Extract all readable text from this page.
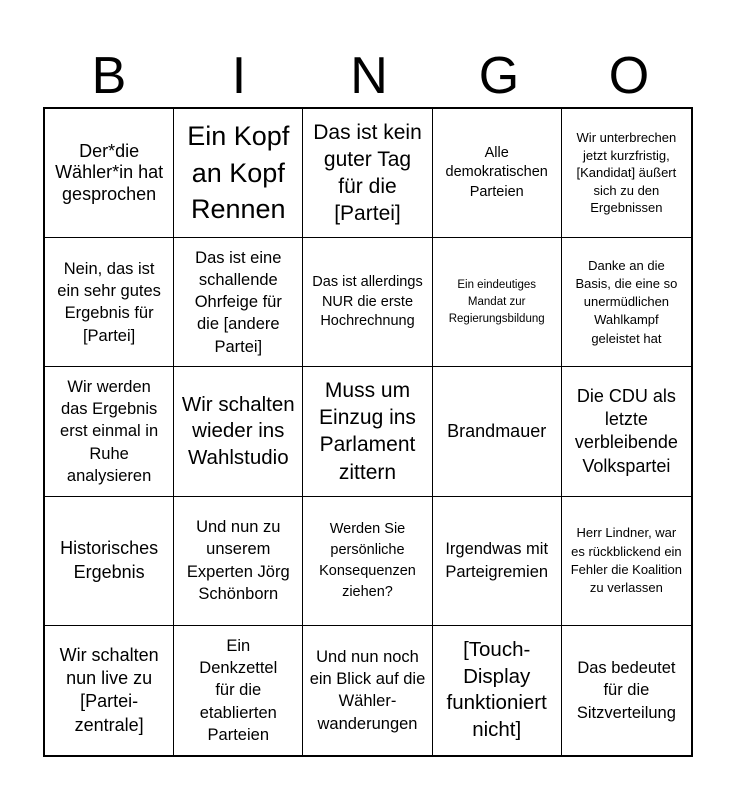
B	I	N	G	O
Der*die Wähler*in hat gesprochen
Ein Kopf an Kopf Rennen
Das ist kein guter Tag für die [Partei]
Alle demokratischen Parteien
Wir unterbrechen jetzt kurzfristig, [Kandidat] äußert sich zu den Ergebnissen
Nein, das ist ein sehr gutes Ergebnis für [Partei]
Das ist eine schallende Ohrfeige für die [andere Partei]
Das ist allerdings NUR die erste Hochrechnung
Ein eindeutiges Mandat zur Regierungsbildung
Danke an die Basis, die eine so unermüdlichen Wahlkampf geleistet hat
Wir werden das Ergebnis erst einmal in Ruhe analysieren
Wir schalten wieder ins Wahlstudio
Muss um Einzug ins Parlament zittern
Brandmauer
Die CDU als letzte verbleibende Volkspartei
Historisches Ergebnis
Und nun zu unserem Experten Jörg Schönborn
Werden Sie persönliche Konsequenzen ziehen?
Irgendwas mit Parteigremien
Herr Lindner, war es rückblickend ein Fehler die Koalition zu verlassen
Wir schalten nun live zu [Partei-zentrale]
Ein Denkzettel für die etablierten Parteien
Und nun noch ein Blick auf die Wähler-wanderungen
[Touch-Display funktioniert nicht]
Das bedeutet für die Sitzverteilung
